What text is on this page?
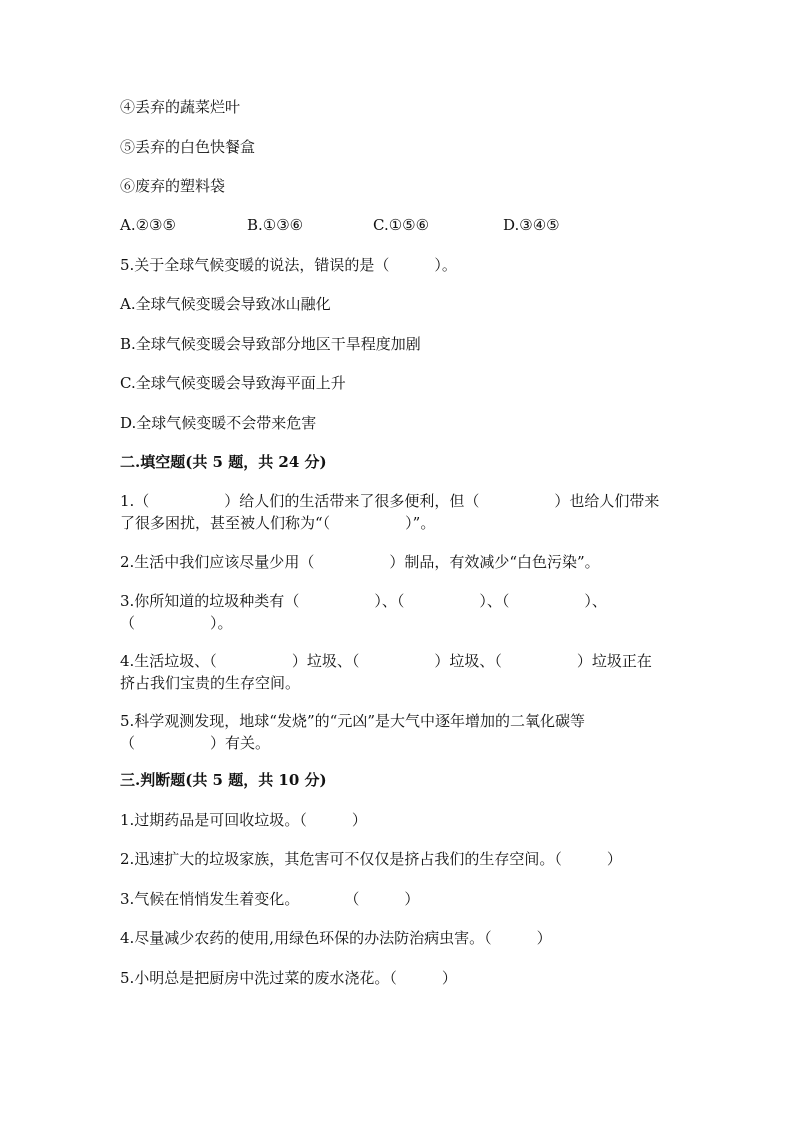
④丢弃的蔬菜烂叶
⑤丢弃的白色快餐盒
⑥废弃的塑料袋
A.②③⑤	B.①③⑥	C.①⑤⑥	D.③④⑤
5.关于全球气候变暖的说法，错误的是（　　　）。
A.全球气候变暖会导致冰山融化
B.全球气候变暖会导致部分地区干旱程度加剧
C.全球气候变暖会导致海平面上升
D.全球气候变暖不会带来危害
二.填空题(共 5 题，共 24 分)
1.（　　　　　）给人们的生活带来了很多便利，但（　　　　　）也给人们带来了很多困扰，甚至被人们称为“（　　　　　）”。
2.生活中我们应该尽量少用（　　　　　）制品，有效减少“白色污染”。
3.你所知道的垃圾种类有（　　　　　）、（　　　　　）、（　　　　　）、（　　　　　）。
4.生活垃圾、（　　　　　）垃圾、（　　　　　）垃圾、（　　　　　）垃圾正在挤占我们宝贵的生存空间。
5.科学观测发现，地球“发烧”的“元凶”是大气中逐年增加的二氧化碳等（　　　　　）有关。
三.判断题(共 5 题，共 10 分)
1.过期药品是可回收垃圾。（　　　）
2.迅速扩大的垃圾家族，其危害可不仅仅是挤占我们的生存空间。（　　　）
3.气候在悄悄发生着变化。　　　　（　　　）
4.尽量减少农药的使用,用绿色环保的办法防治病虫害。（　　　）
5.小明总是把厨房中洗过菜的废水浇花。（　　　）
